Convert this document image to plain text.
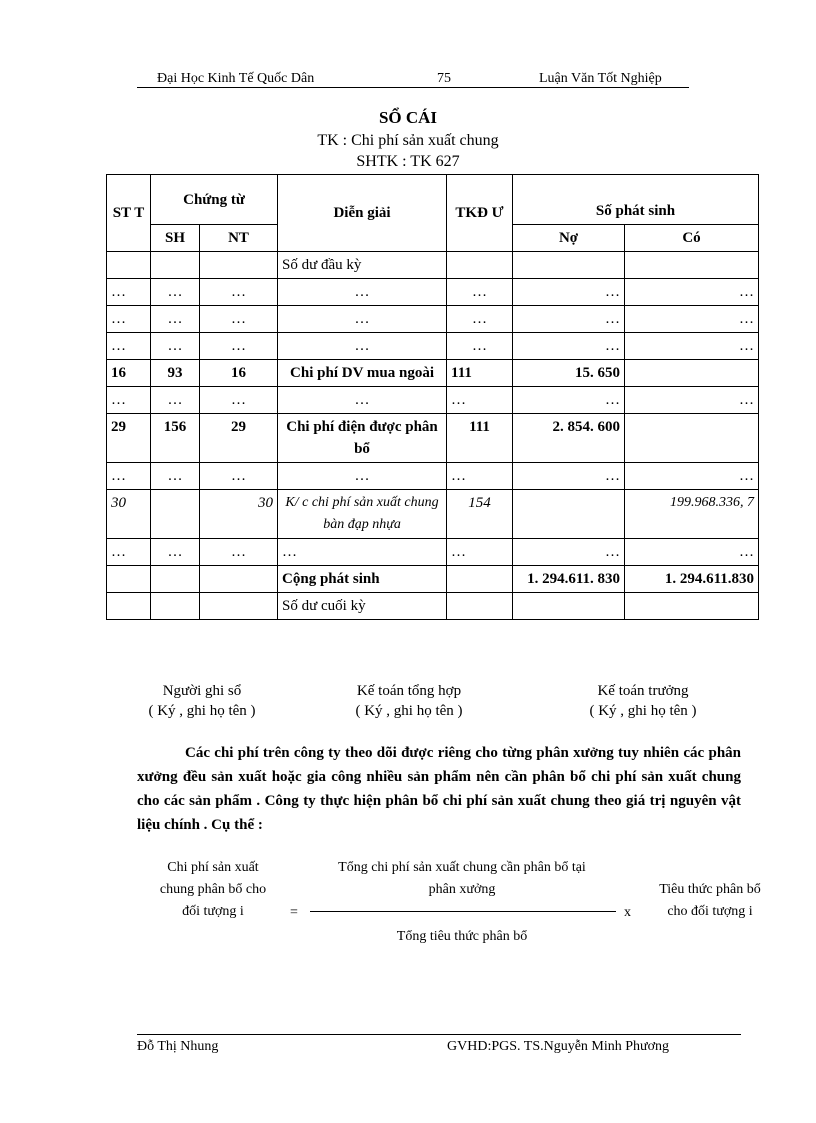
Đại Học Kinh Tế Quốc Dân	75	Luận Văn Tốt Nghiệp
SỔ CÁI
TK : Chi phí sản xuất chung
SHTK : TK 627
ST T	Chứng từ		Diễn giải	TKĐ Ư	Số phát sinh	
	SH	NT			Nợ	Có
			Số dư đầu kỳ			
…	…	…	…	…	…	…
…	…	…	…	…	…	…
…	…	…	…	…	…	…
16	93	16	Chi phí DV mua ngoài	111	15. 650	
…	…	…	…	…	…	…
29	156	29	Chi phí điện được phân bổ	111	2. 854. 600	
…	…	…	…	…	…	…
30		30	K/ c chi phí sản xuất chung bàn đạp nhựa	154		199.968.336, 7
…	…	…	…	…	…	…
			Cộng phát sinh		1. 294.611. 830	1. 294.611.830
			Số dư cuối kỳ			
Người ghi sổ
( Ký , ghi họ tên )
Kế toán tổng hợp
( Ký , ghi họ tên )
Kế toán trưởng
( Ký , ghi họ tên )
Các chi phí trên công ty theo dõi được riêng cho từng phân xưởng tuy nhiên các phân xưởng đều sản xuất hoặc gia công nhiều sản phẩm nên cần phân bổ chi phí sản xuất chung cho các sản phẩm . Công ty thực hiện phân bổ chi phí sản xuất chung theo giá trị nguyên vật liệu chính . Cụ thể :
Chi phí sản xuất
chung phân bổ cho
đối tượng i	=
Tổng chi phí sản xuất chung cần phân bổ tại
phân xưởng
Tổng tiêu thức phân bổ
x
Tiêu thức phân bổ
cho đối tượng i
Đỗ Thị Nhung	GVHD:PGS. TS.Nguyễn Minh Phương
